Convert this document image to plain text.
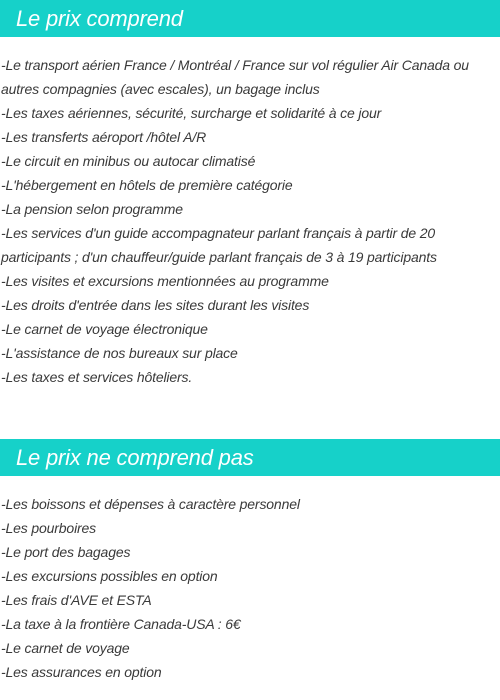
Le prix comprend
-Le transport aérien France / Montréal / France sur vol régulier Air Canada ou autres compagnies (avec escales), un bagage inclus
-Les taxes aériennes, sécurité, surcharge et solidarité à ce jour
-Les transferts aéroport /hôtel A/R
-Le circuit en minibus ou autocar climatisé
-L'hébergement en hôtels de première catégorie
-La pension selon programme
-Les services d'un guide accompagnateur parlant français à partir de 20 participants ; d'un chauffeur/guide parlant français de 3 à 19 participants
-Les visites et excursions mentionnées au programme
-Les droits d'entrée dans les sites durant les visites
-Le carnet de voyage électronique
-L'assistance de nos bureaux sur place
-Les taxes et services hôteliers.
Le prix ne comprend pas
-Les boissons et dépenses à caractère personnel
-Les pourboires
-Le port des bagages
-Les excursions possibles en option
-Les frais d'AVE et ESTA
-La taxe à la frontière Canada-USA : 6€
-Le carnet de voyage
-Les assurances en option
